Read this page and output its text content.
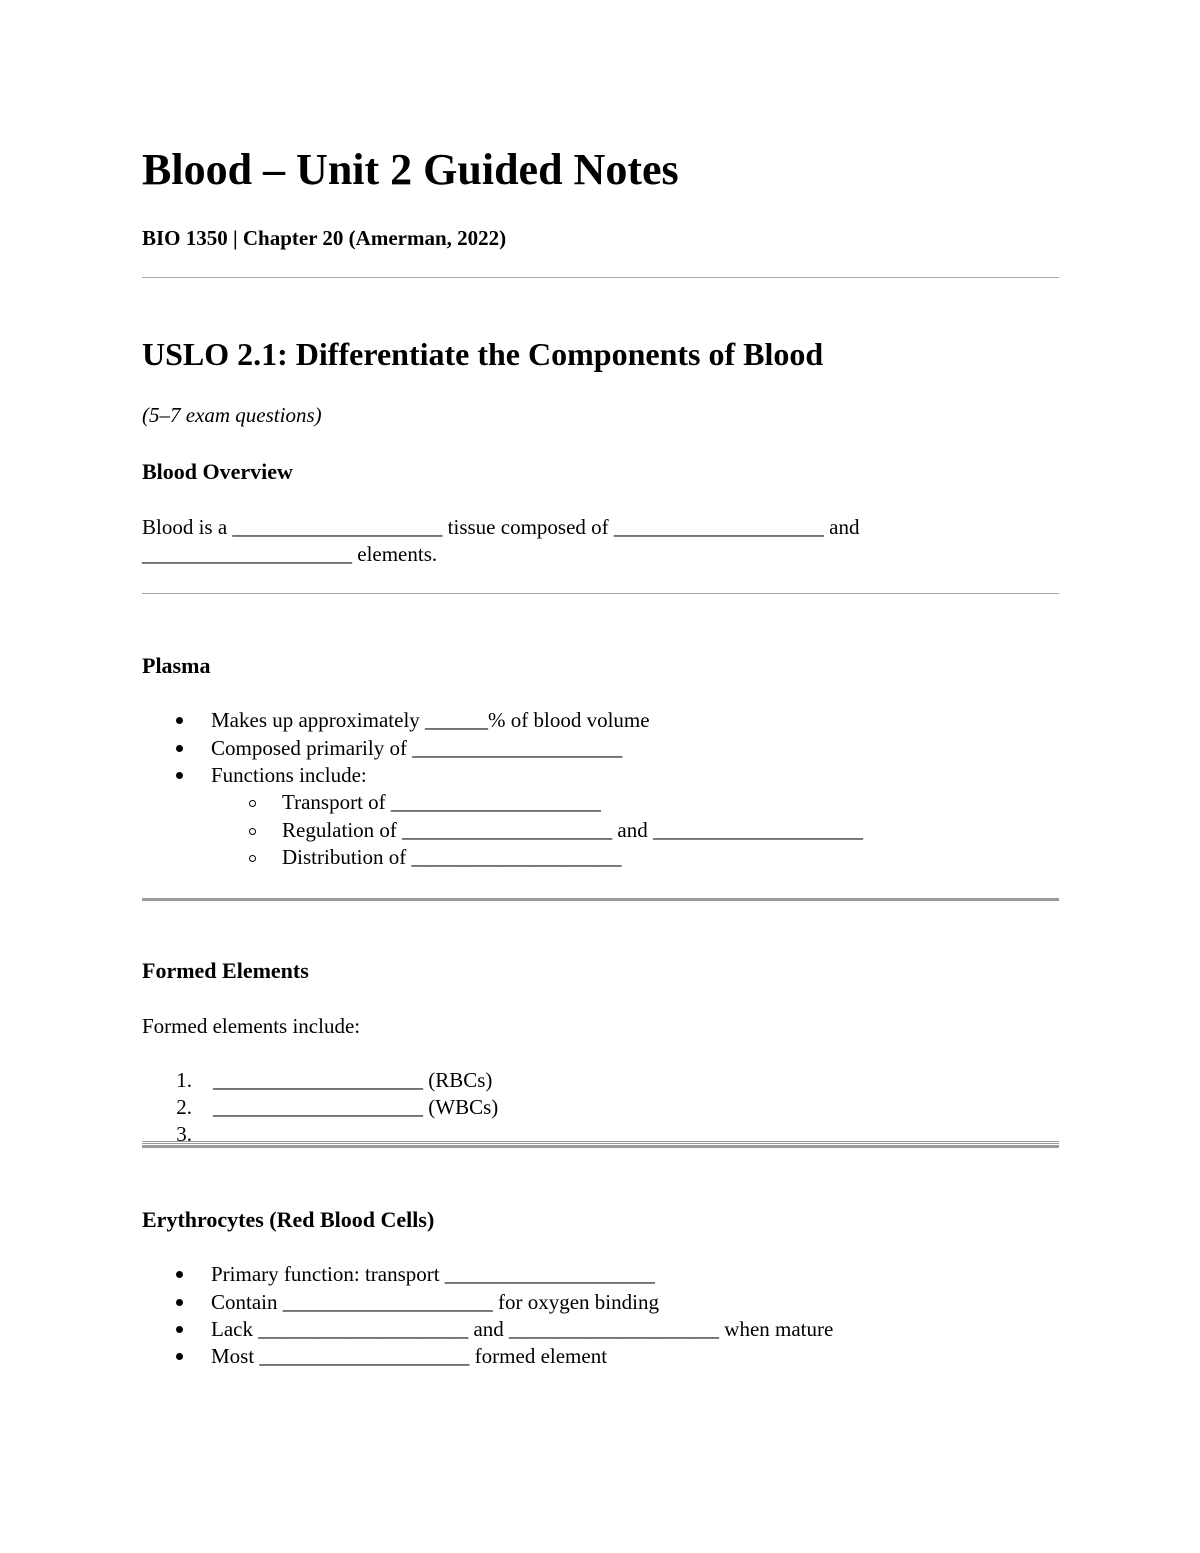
Blood – Unit 2 Guided Notes
BIO 1350 | Chapter 20 (Amerman, 2022)
USLO 2.1: Differentiate the Components of Blood
(5–7 exam questions)
Blood Overview
Blood is a ____________________ tissue composed of ____________________ and
____________________ elements.
Plasma
Makes up approximately ______% of blood volume
Composed primarily of ____________________
Functions include:
Transport of ____________________
Regulation of ____________________ and ____________________
Distribution of ____________________
Formed Elements
Formed elements include:
1. ____________________ (RBCs)
2. ____________________ (WBCs)
3.
Erythrocytes (Red Blood Cells)
Primary function: transport ____________________
Contain ____________________ for oxygen binding
Lack ____________________ and ____________________ when mature
Most ____________________ formed element
